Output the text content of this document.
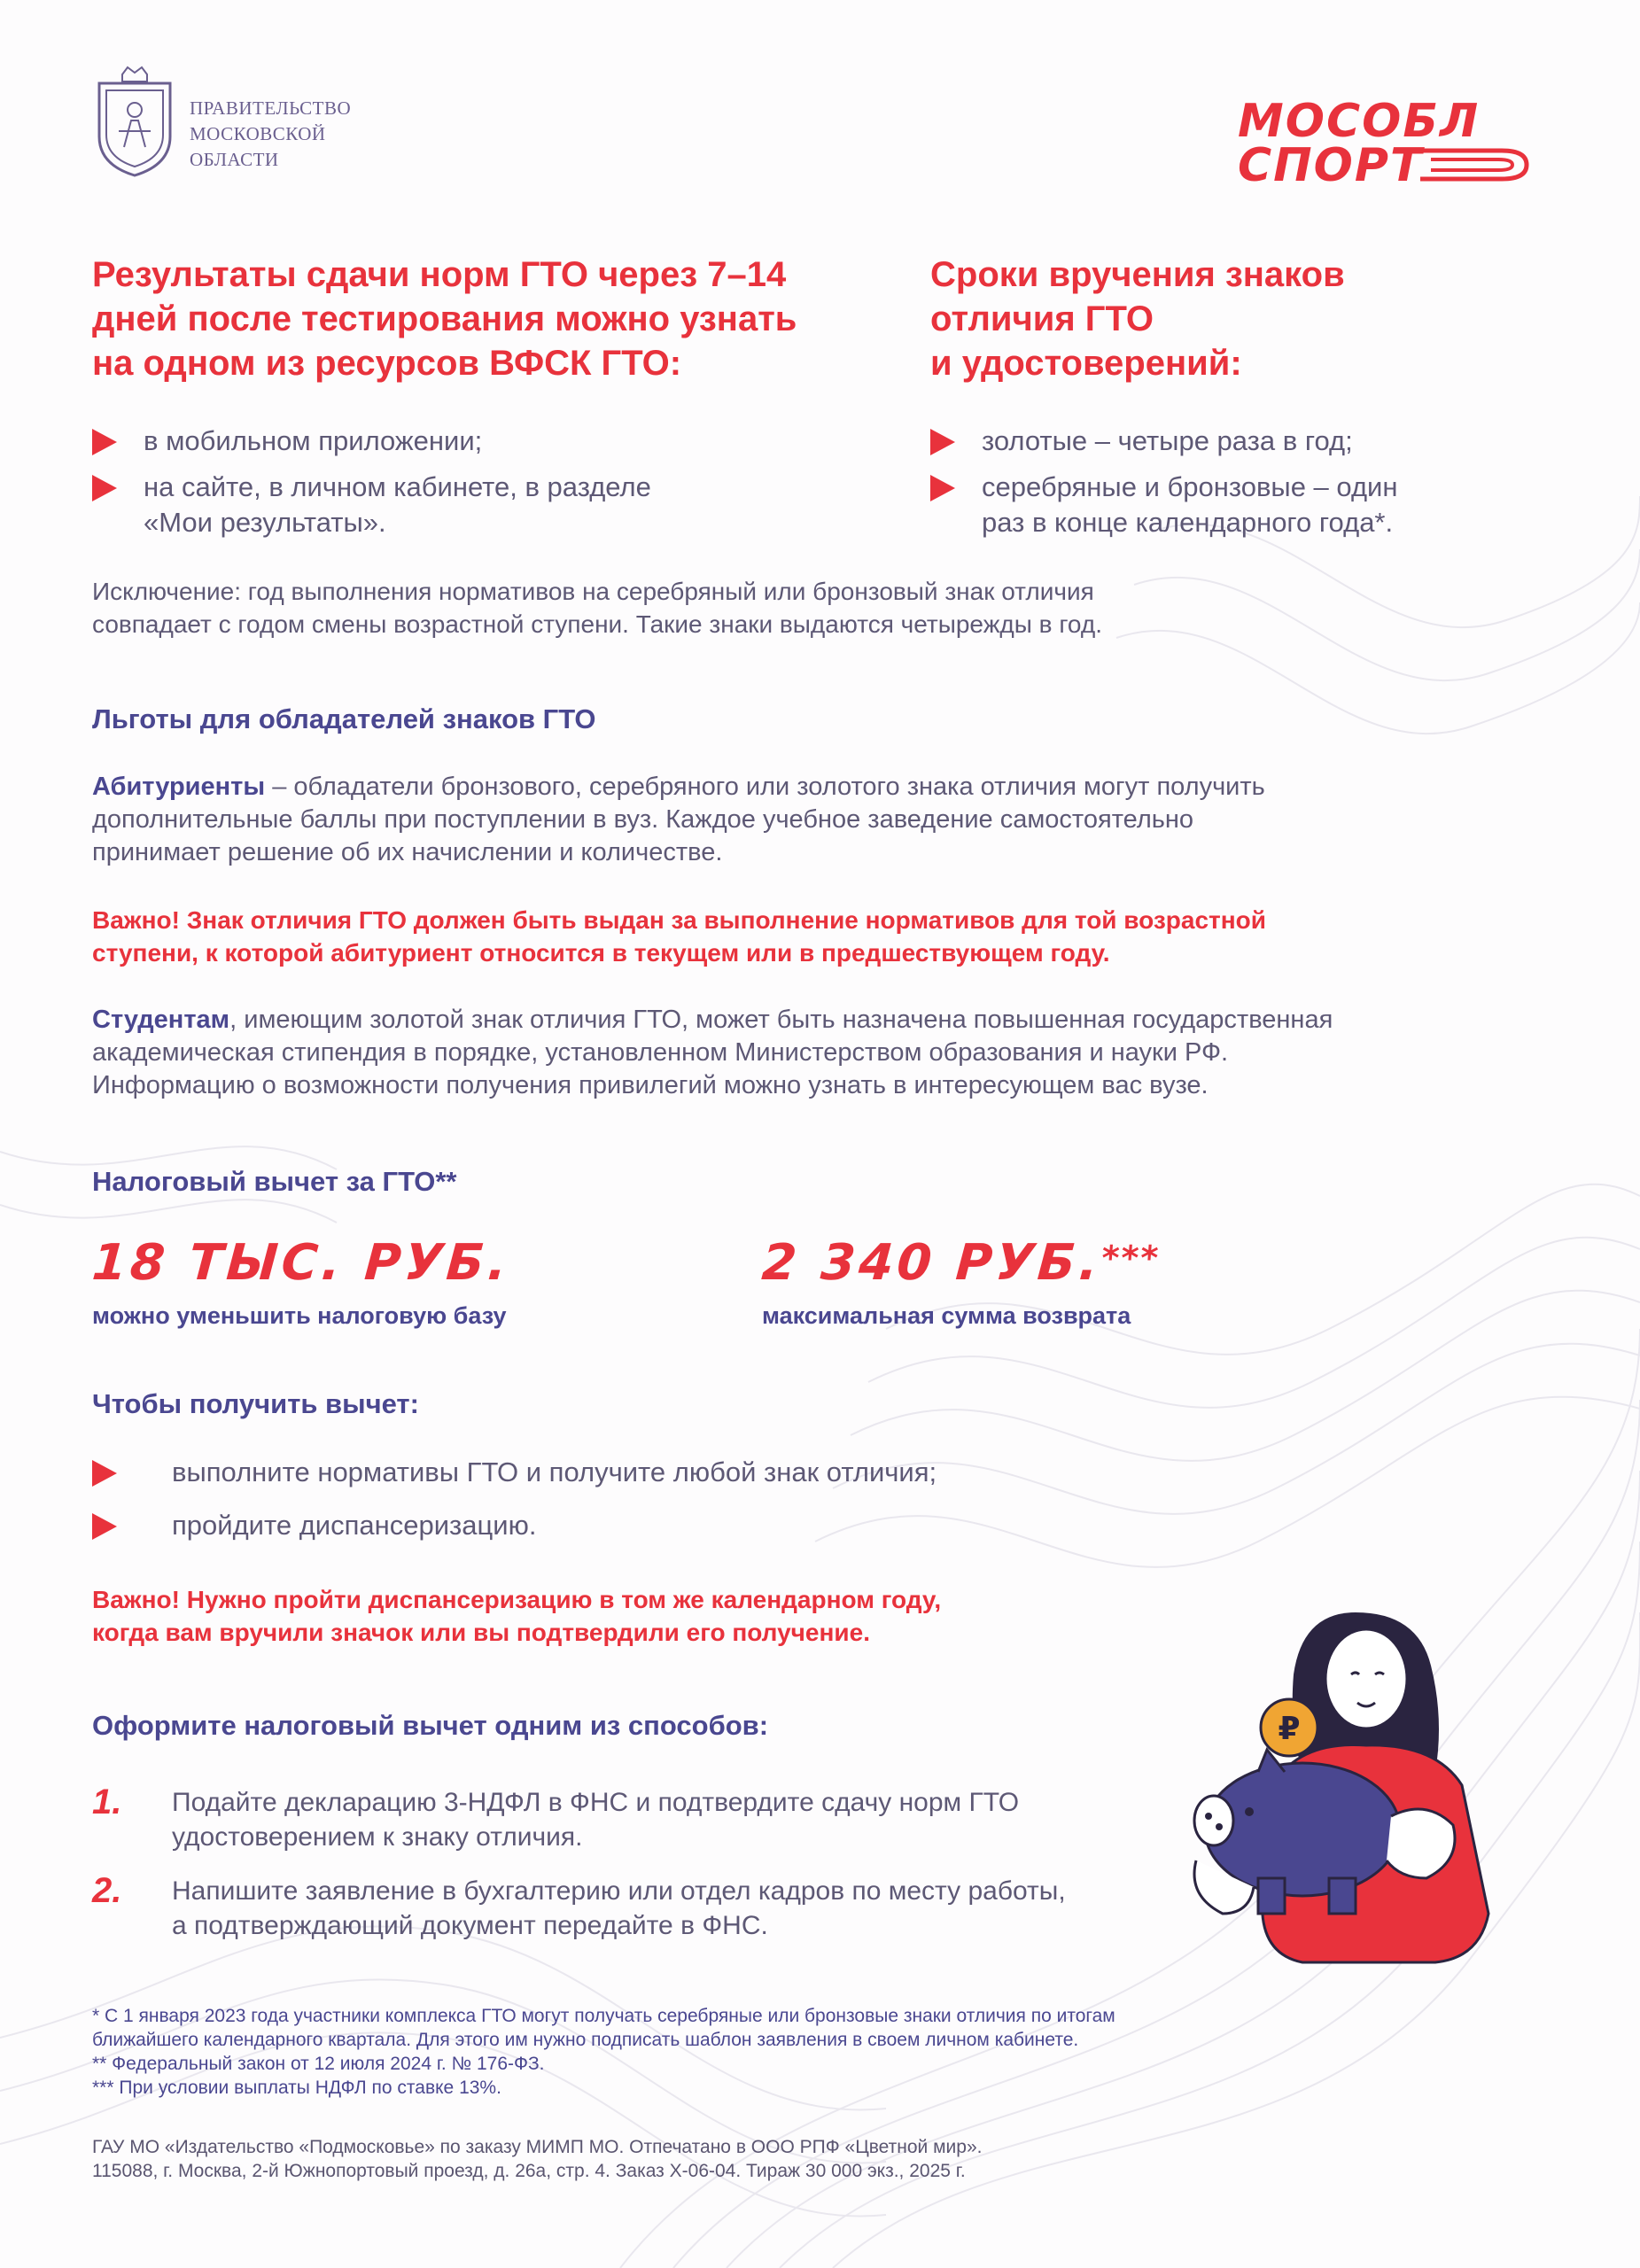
ПРАВИТЕЛЬСТВО
МОСКОВСКОЙ
ОБЛАСТИ
МОСОБЛ
СПОРТ
Результаты сдачи норм ГТО через 7–14
дней после тестирования можно узнать
на одном из ресурсов ВФСК ГТО:
в мобильном приложении;
на сайте, в личном кабинете, в разделе
«Мои результаты».
Сроки вручения знаков
отличия ГТО
и удостоверений:
золотые – четыре раза в год;
серебряные и бронзовые – один
раз в конце календарного года*.
Исключение: год выполнения нормативов на серебряный или бронзовый знак отличия
совпадает с годом смены возрастной ступени. Такие знаки выдаются четырежды в год.
Льготы для обладателей знаков ГТО
Абитуриенты – обладатели бронзового, серебряного или золотого знака отличия могут получить
дополнительные баллы при поступлении в вуз. Каждое учебное заведение самостоятельно
принимает решение об их начислении и количестве.
Важно! Знак отличия ГТО должен быть выдан за выполнение нормативов для той возрастной
ступени, к которой абитуриент относится в текущем или в предшествующем году.
Студентам, имеющим золотой знак отличия ГТО, может быть назначена повышенная государственная
академическая стипендия в порядке, установленном Министерством образования и науки РФ.
Информацию о возможности получения привилегий можно узнать в интересующем вас вузе.
Налоговый вычет за ГТО**
18 ТЫС. РУБ.
можно уменьшить налоговую базу
2 340 РУБ.***
максимальная сумма возврата
Чтобы получить вычет:
выполните нормативы ГТО и получите любой знак отличия;
пройдите диспансеризацию.
Важно! Нужно пройти диспансеризацию в том же календарном году,
когда вам вручили значок или вы подтвердили его получение.
Оформите налоговый вычет одним из способов:
1. Подайте декларацию 3-НДФЛ в ФНС и подтвердите сдачу норм ГТО
удостоверением к знаку отличия.
2. Напишите заявление в бухгалтерию или отдел кадров по месту работы,
а подтверждающий документ передайте в ФНС.
₽
* С 1 января 2023 года участники комплекса ГТО могут получать серебряные или бронзовые знаки отличия по итогам
ближайшего календарного квартала. Для этого им нужно подписать шаблон заявления в своем личном кабинете.
** Федеральный закон от 12 июля 2024 г. № 176-ФЗ.
*** При условии выплаты НДФЛ по ставке 13%.
ГАУ МО «Издательство «Подмосковье» по заказу МИМП МО. Отпечатано в ООО РПФ «Цветной мир».
115088, г. Москва, 2-й Южнопортовый проезд, д. 26а, стр. 4. Заказ Х-06-04. Тираж 30 000 экз., 2025 г.
